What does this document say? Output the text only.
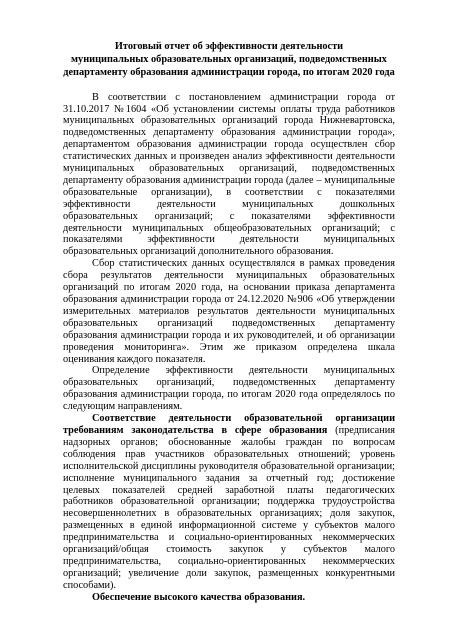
Итоговый отчет об эффективности деятельности
муниципальных образовательных организаций, подведомственных
департаменту образования администрации города, по итогам 2020 года

В соответствии с постановлением администрации города от 31.10.2017 №1604 «Об установлении системы оплаты труда работников муниципальных образовательных организаций города Нижневартовска, подведомственных департаменту образования администрации города», департаментом образования администрации города осуществлен сбор статистических данных и произведен анализ эффективности деятельности муниципальных образовательных организаций, подведомственных департаменту образования администрации города (далее – муниципальные образовательные организации), в соответствии с показателями эффективности деятельности муниципальных дошкольных образовательных организаций; с показателями эффективности деятельности муниципальных общеобразовательных организаций; с показателями эффективности деятельности муниципальных образовательных организаций дополнительного образования.

Сбор статистических данных осуществлялся в рамках проведения сбора результатов деятельности муниципальных образовательных организаций по итогам 2020 года, на основании приказа департамента образования администрации города от 24.12.2020 №906 «Об утверждении измерительных материалов результатов деятельности муниципальных образовательных организаций подведомственных департаменту образования администрации города и их руководителей, и об организации проведения мониторинга». Этим же приказом определена шкала оценивания каждого показателя.

Определение эффективности деятельности муниципальных образовательных организаций, подведомственных департаменту образования администрации города, по итогам 2020 года определялось по следующим направлениям.

Соответствие деятельности образовательной организации требованиям законодательства в сфере образования (предписания надзорных органов; обоснованные жалобы граждан по вопросам соблюдения прав участников образовательных отношений; уровень исполнительской дисциплины руководителя образовательной организации; исполнение муниципального задания за отчетный год; достижение целевых показателей средней заработной платы педагогических работников образовательной организации; поддержка трудоустройства несовершеннолетних в образовательных организациях; доля закупок, размещенных в единой информационной системе у субъектов малого предпринимательства и социально-ориентированных некоммерческих организаций/общая стоимость закупок у субъектов малого предпринимательства, социально-ориентированных некоммерческих организаций; увеличение доли закупок, размещенных конкурентными способами).

Обеспечение высокого качества образования.
